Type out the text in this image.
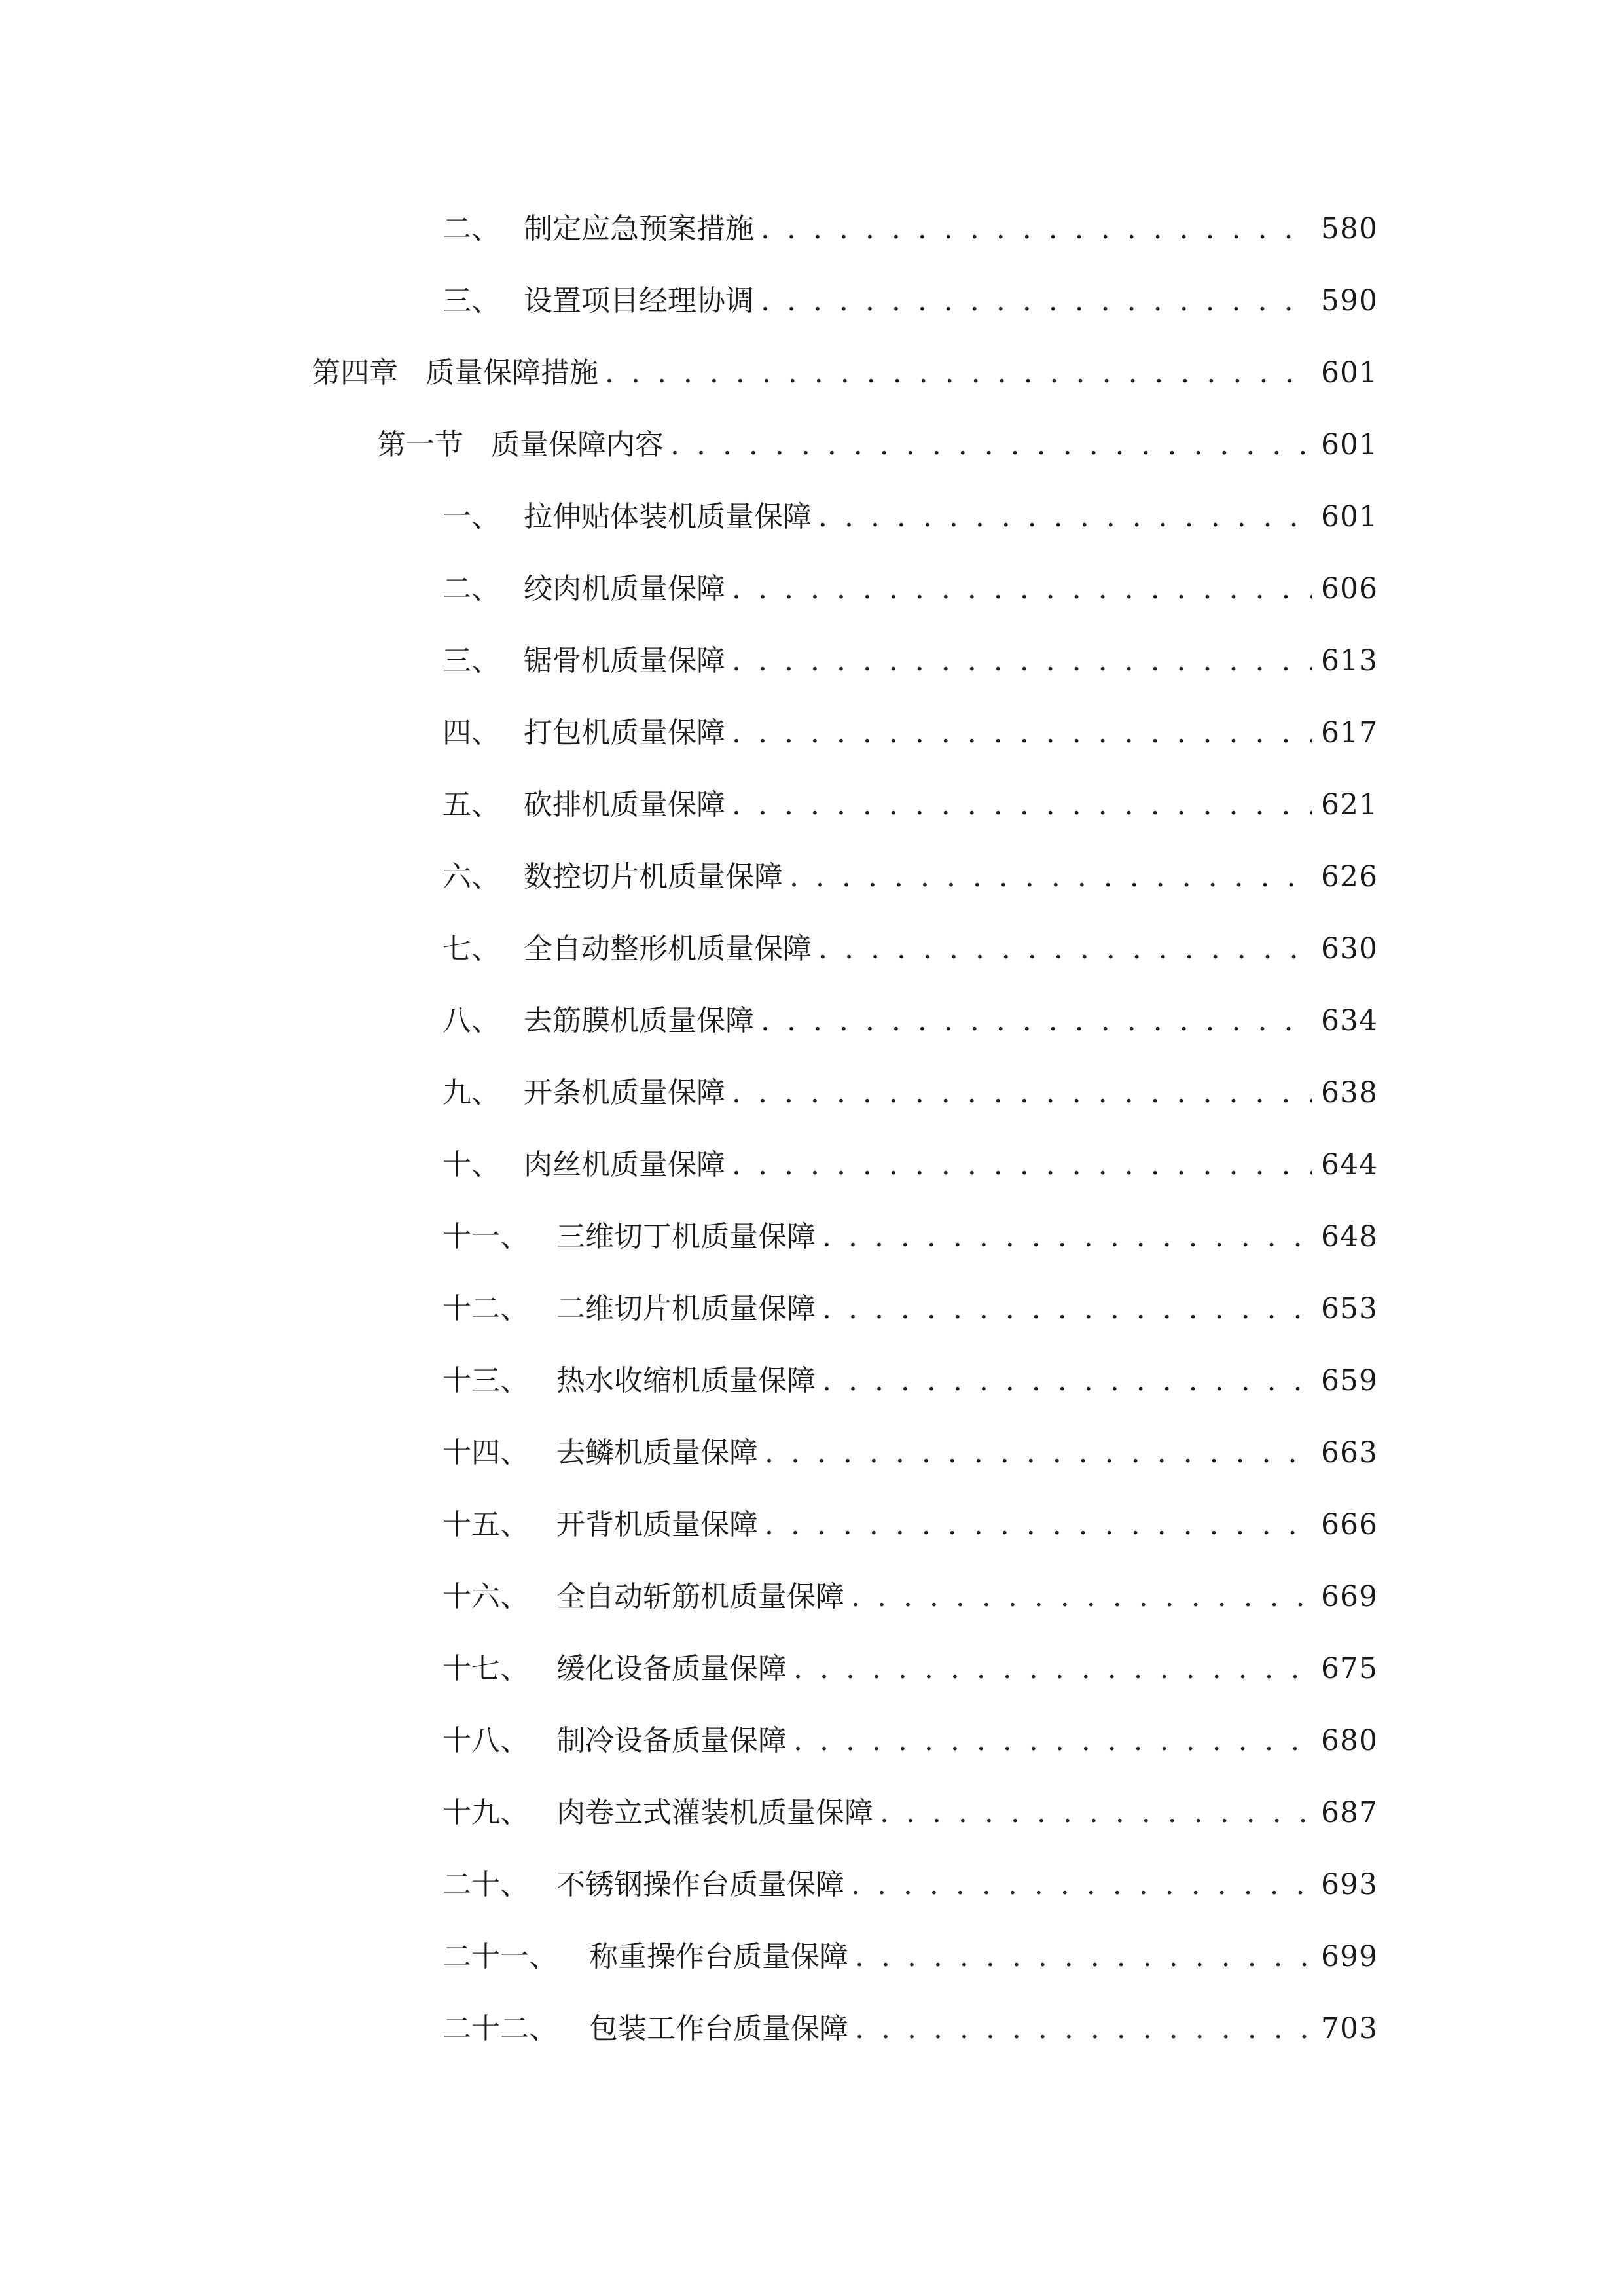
二、 制定应急预案措施 . . .	580
三、 设置项目经理协调 . . .	590
第四章 质量保障措施 . . .	601
第一节 质量保障内容 . . .	601
一、 拉伸贴体装机质量保障 . . .	601
二、 绞肉机质量保障 . . .	606
三、 锯骨机质量保障 . . .	613
四、 打包机质量保障 . . .	617
五、 砍排机质量保障 . . .	621
六、 数控切片机质量保障 . . .	626
七、 全自动整形机质量保障 . . .	630
八、 去筋膜机质量保障 . . .	634
九、 开条机质量保障 . . .	638
十、 肉丝机质量保障 . . .	644
十一、 三维切丁机质量保障 . . .	648
十二、 二维切片机质量保障 . . .	653
十三、 热水收缩机质量保障 . . .	659
十四、 去鳞机质量保障 . . .	663
十五、 开背机质量保障 . . .	666
十六、 全自动斩筋机质量保障 . . .	669
十七、 缓化设备质量保障 . . .	675
十八、 制冷设备质量保障 . . .	680
十九、 肉卷立式灌装机质量保障 . . .	687
二十、 不锈钢操作台质量保障 . . .	693
二十一、	称重操作台质量保障 . . .	699
二十二、	包装工作台质量保障 . . .	703
